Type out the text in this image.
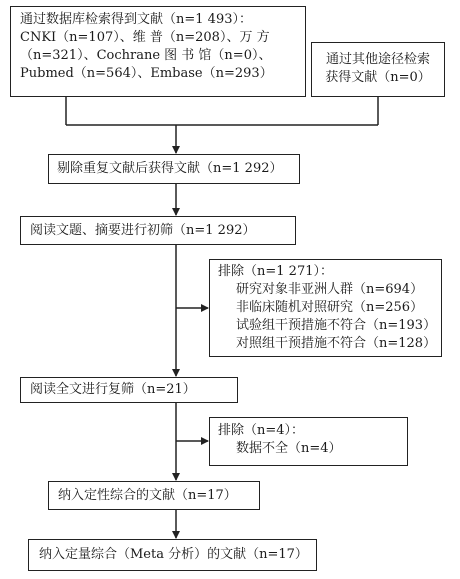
通过数据库检索得到文献（n=1 493）：
CNKI（n=107）、维 普（n=208）、万 方
（n=321）、Cochrane 图 书 馆（n=0）、
Pubmed（n=564）、Embase（n=293）
通过其他途径检索
获得文献（n=0）
剔除重复文献后获得文献（n=1 292）
阅读文题、摘要进行初筛（n=1 292）
排除（n=1 271）：
研究对象非亚洲人群（n=694）
非临床随机对照研究（n=256）
试验组干预措施不符合（n=193）
对照组干预措施不符合（n=128）
阅读全文进行复筛（n=21）
排除（n=4）：
数据不全（n=4）
纳入定性综合的文献（n=17）
纳入定量综合（Meta 分析）的文献（n=17）
